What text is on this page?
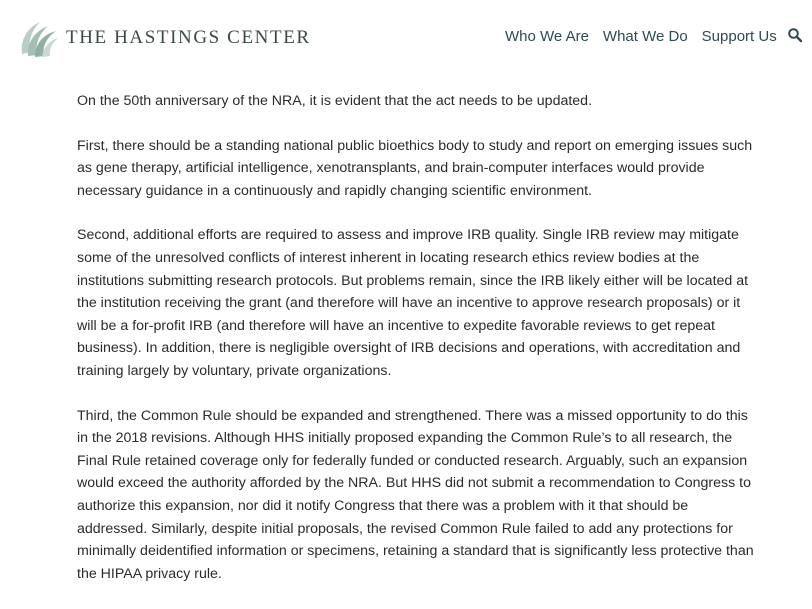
THE HASTINGS CENTER	Who We Are What We Do Support Us

On the 50th anniversary of the NRA, it is evident that the act needs to be updated.

First, there should be a standing national public bioethics body to study and report on emerging issues such as gene therapy, artificial intelligence, xenotransplants, and brain-computer interfaces would provide necessary guidance in a continuously and rapidly changing scientific environment.

Second, additional efforts are required to assess and improve IRB quality. Single IRB review may mitigate some of the unresolved conflicts of interest inherent in locating research ethics review bodies at the institutions submitting research protocols. But problems remain, since the IRB likely either will be located at the institution receiving the grant (and therefore will have an incentive to approve research proposals) or it will be a for-profit IRB (and therefore will have an incentive to expedite favorable reviews to get repeat business). In addition, there is negligible oversight of IRB decisions and operations, with accreditation and training largely by voluntary, private organizations.

Third, the Common Rule should be expanded and strengthened. There was a missed opportunity to do this in the 2018 revisions. Although HHS initially proposed expanding the Common Rule’s to all research, the Final Rule retained coverage only for federally funded or conducted research. Arguably, such an expansion would exceed the authority afforded by the NRA. But HHS did not submit a recommendation to Congress to authorize this expansion, nor did it notify Congress that there was a problem with it that should be addressed. Similarly, despite initial proposals, the revised Common Rule failed to add any protections for minimally deidentified information or specimens, retaining a standard that is significantly less protective than the HIPAA privacy rule.
